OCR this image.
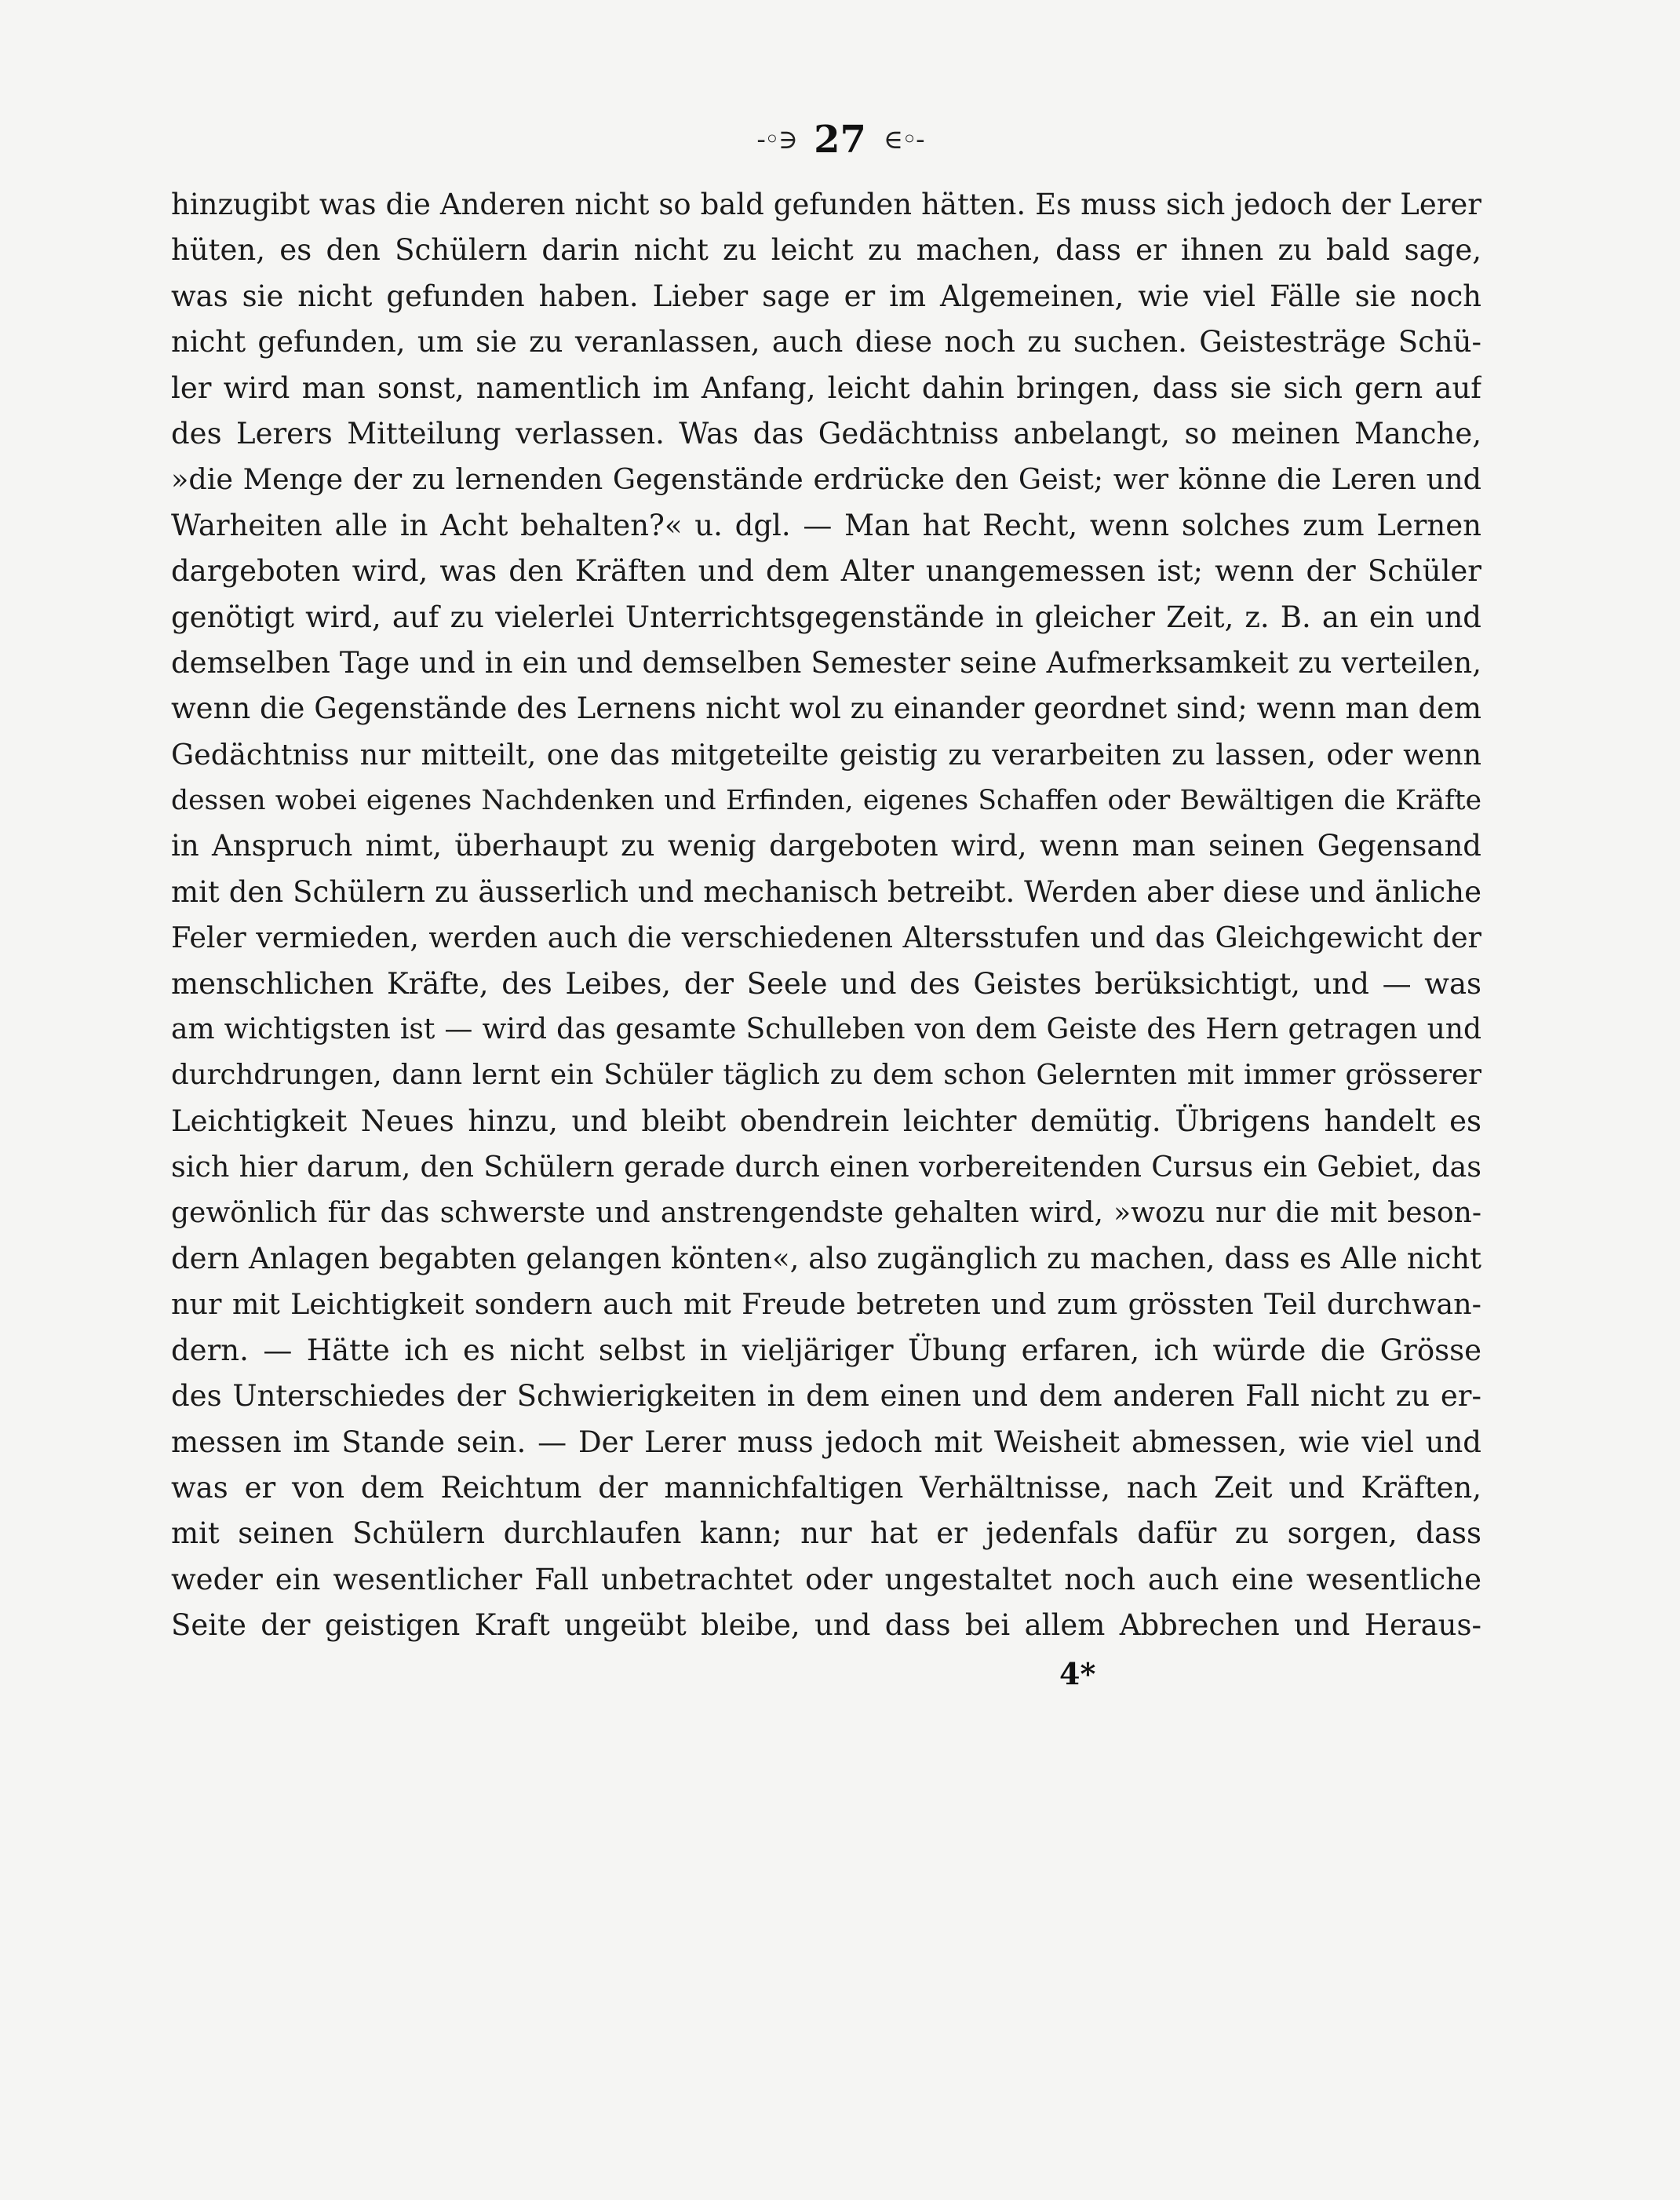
-◦∋ 27 ∈◦-
hinzugibt was die Anderen nicht so bald gefunden hätten. Es muss sich jedoch der Lerer
hüten, es den Schülern darin nicht zu leicht zu machen, dass er ihnen zu bald sage,
was sie nicht gefunden haben. Lieber sage er im Algemeinen, wie viel Fälle sie noch
nicht gefunden, um sie zu veranlassen, auch diese noch zu suchen. Geistesträge Schü-
ler wird man sonst, namentlich im Anfang, leicht dahin bringen, dass sie sich gern auf
des Lerers Mitteilung verlassen. Was das Gedächtniss anbelangt, so meinen Manche,
»die Menge der zu lernenden Gegenstände erdrücke den Geist; wer könne die Leren und
Warheiten alle in Acht behalten?« u. dgl. — Man hat Recht, wenn solches zum Lernen
dargeboten wird, was den Kräften und dem Alter unangemessen ist; wenn der Schüler
genötigt wird, auf zu vielerlei Unterrichtsgegenstände in gleicher Zeit, z. B. an ein und
demselben Tage und in ein und demselben Semester seine Aufmerksamkeit zu verteilen,
wenn die Gegenstände des Lernens nicht wol zu einander geordnet sind; wenn man dem
Gedächtniss nur mitteilt, one das mitgeteilte geistig zu verarbeiten zu lassen, oder wenn
dessen wobei eigenes Nachdenken und Erfinden, eigenes Schaffen oder Bewältigen die Kräfte
in Anspruch nimt, überhaupt zu wenig dargeboten wird, wenn man seinen Gegensand
mit den Schülern zu äusserlich und mechanisch betreibt. Werden aber diese und änliche
Feler vermieden, werden auch die verschiedenen Altersstufen und das Gleichgewicht der
menschlichen Kräfte, des Leibes, der Seele und des Geistes berüksichtigt, und — was
am wichtigsten ist — wird das gesamte Schulleben von dem Geiste des Hern getragen und
durchdrungen, dann lernt ein Schüler täglich zu dem schon Gelernten mit immer grösserer
Leichtigkeit Neues hinzu, und bleibt obendrein leichter demütig. Übrigens handelt es
sich hier darum, den Schülern gerade durch einen vorbereitenden Cursus ein Gebiet, das
gewönlich für das schwerste und anstrengendste gehalten wird, »wozu nur die mit beson-
dern Anlagen begabten gelangen könten«, also zugänglich zu machen, dass es Alle nicht
nur mit Leichtigkeit sondern auch mit Freude betreten und zum grössten Teil durchwan-
dern. — Hätte ich es nicht selbst in vieljäriger Übung erfaren, ich würde die Grösse
des Unterschiedes der Schwierigkeiten in dem einen und dem anderen Fall nicht zu er-
messen im Stande sein. — Der Lerer muss jedoch mit Weisheit abmessen, wie viel und
was er von dem Reichtum der mannichfaltigen Verhältnisse, nach Zeit und Kräften,
mit seinen Schülern durchlaufen kann; nur hat er jedenfals dafür zu sorgen, dass
weder ein wesentlicher Fall unbetrachtet oder ungestaltet noch auch eine wesentliche
Seite der geistigen Kraft ungeübt bleibe, und dass bei allem Abbrechen und Heraus-
4*
